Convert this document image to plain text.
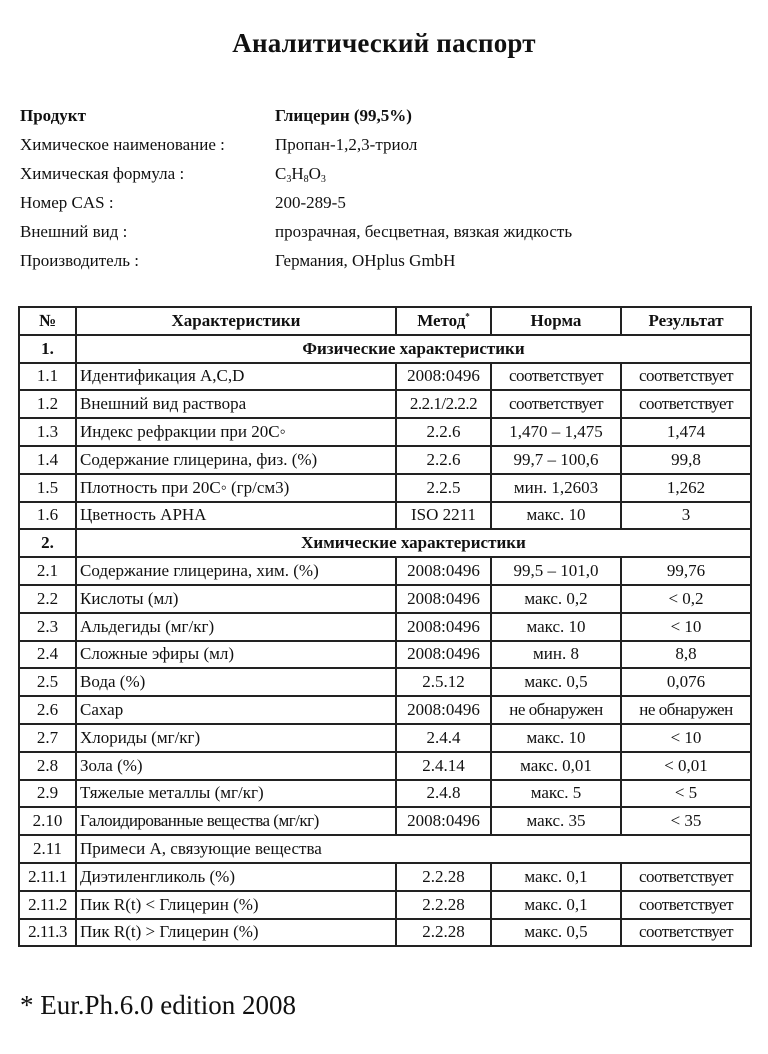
Аналитический паспорт
Продукт	Глицерин (99,5%)
Химическое наименование :	Пропан-1,2,3-триол
Химическая формула :	$C_3H_8O_3$
Номер CAS :	200-289-5
Внешний вид :	прозрачная, бесцветная, вязкая жидкость
Производитель :	Германия, OHplus GmbH
№	Характеристики	Метод*	Норма	Результат
1.	Физические характеристики			
1.1	Идентификация A,C,D	2008:0496	соответствует	соответствует
1.2	Внешний вид раствора	2.2.1/2.2.2	соответствует	соответствует
1.3	Индекс рефракции при 20С◦	2.2.6	1,470 – 1,475	1,474
1.4	Содержание глицерина, физ. (%)	2.2.6	99,7 – 100,6	99,8
1.5	Плотность при 20С◦ (гр/см3)	2.2.5	мин. 1,2603	1,262
1.6	Цветность APHA	ISO 2211	макс. 10	3
2.	Химические характеристики			
2.1	Содержание глицерина, хим. (%)	2008:0496	99,5 – 101,0	99,76
2.2	Кислоты (мл)	2008:0496	макс. 0,2	< 0,2
2.3	Альдегиды (мг/кг)	2008:0496	макс. 10	< 10
2.4	Сложные эфиры (мл)	2008:0496	мин. 8	8,8
2.5	Вода (%)	2.5.12	макс. 0,5	0,076
2.6	Сахар	2008:0496	не обнаружен	не обнаружен
2.7	Хлориды (мг/кг)	2.4.4	макс. 10	< 10
2.8	Зола (%)	2.4.14	макс. 0,01	< 0,01
2.9	Тяжелые металлы (мг/кг)	2.4.8	макс. 5	< 5
2.10	Галоидированные вещества (мг/кг)	2008:0496	макс. 35	< 35
2.11	Примеси А, связующие вещества			
2.11.1	Диэтиленгликоль (%)	2.2.28	макс. 0,1	соответствует
2.11.2	Пик R(t) < Глицерин (%)	2.2.28	макс. 0,1	соответствует
2.11.3	Пик R(t) > Глицерин (%)	2.2.28	макс. 0,5	соответствует
* Eur.Ph.6.0 edition 2008
